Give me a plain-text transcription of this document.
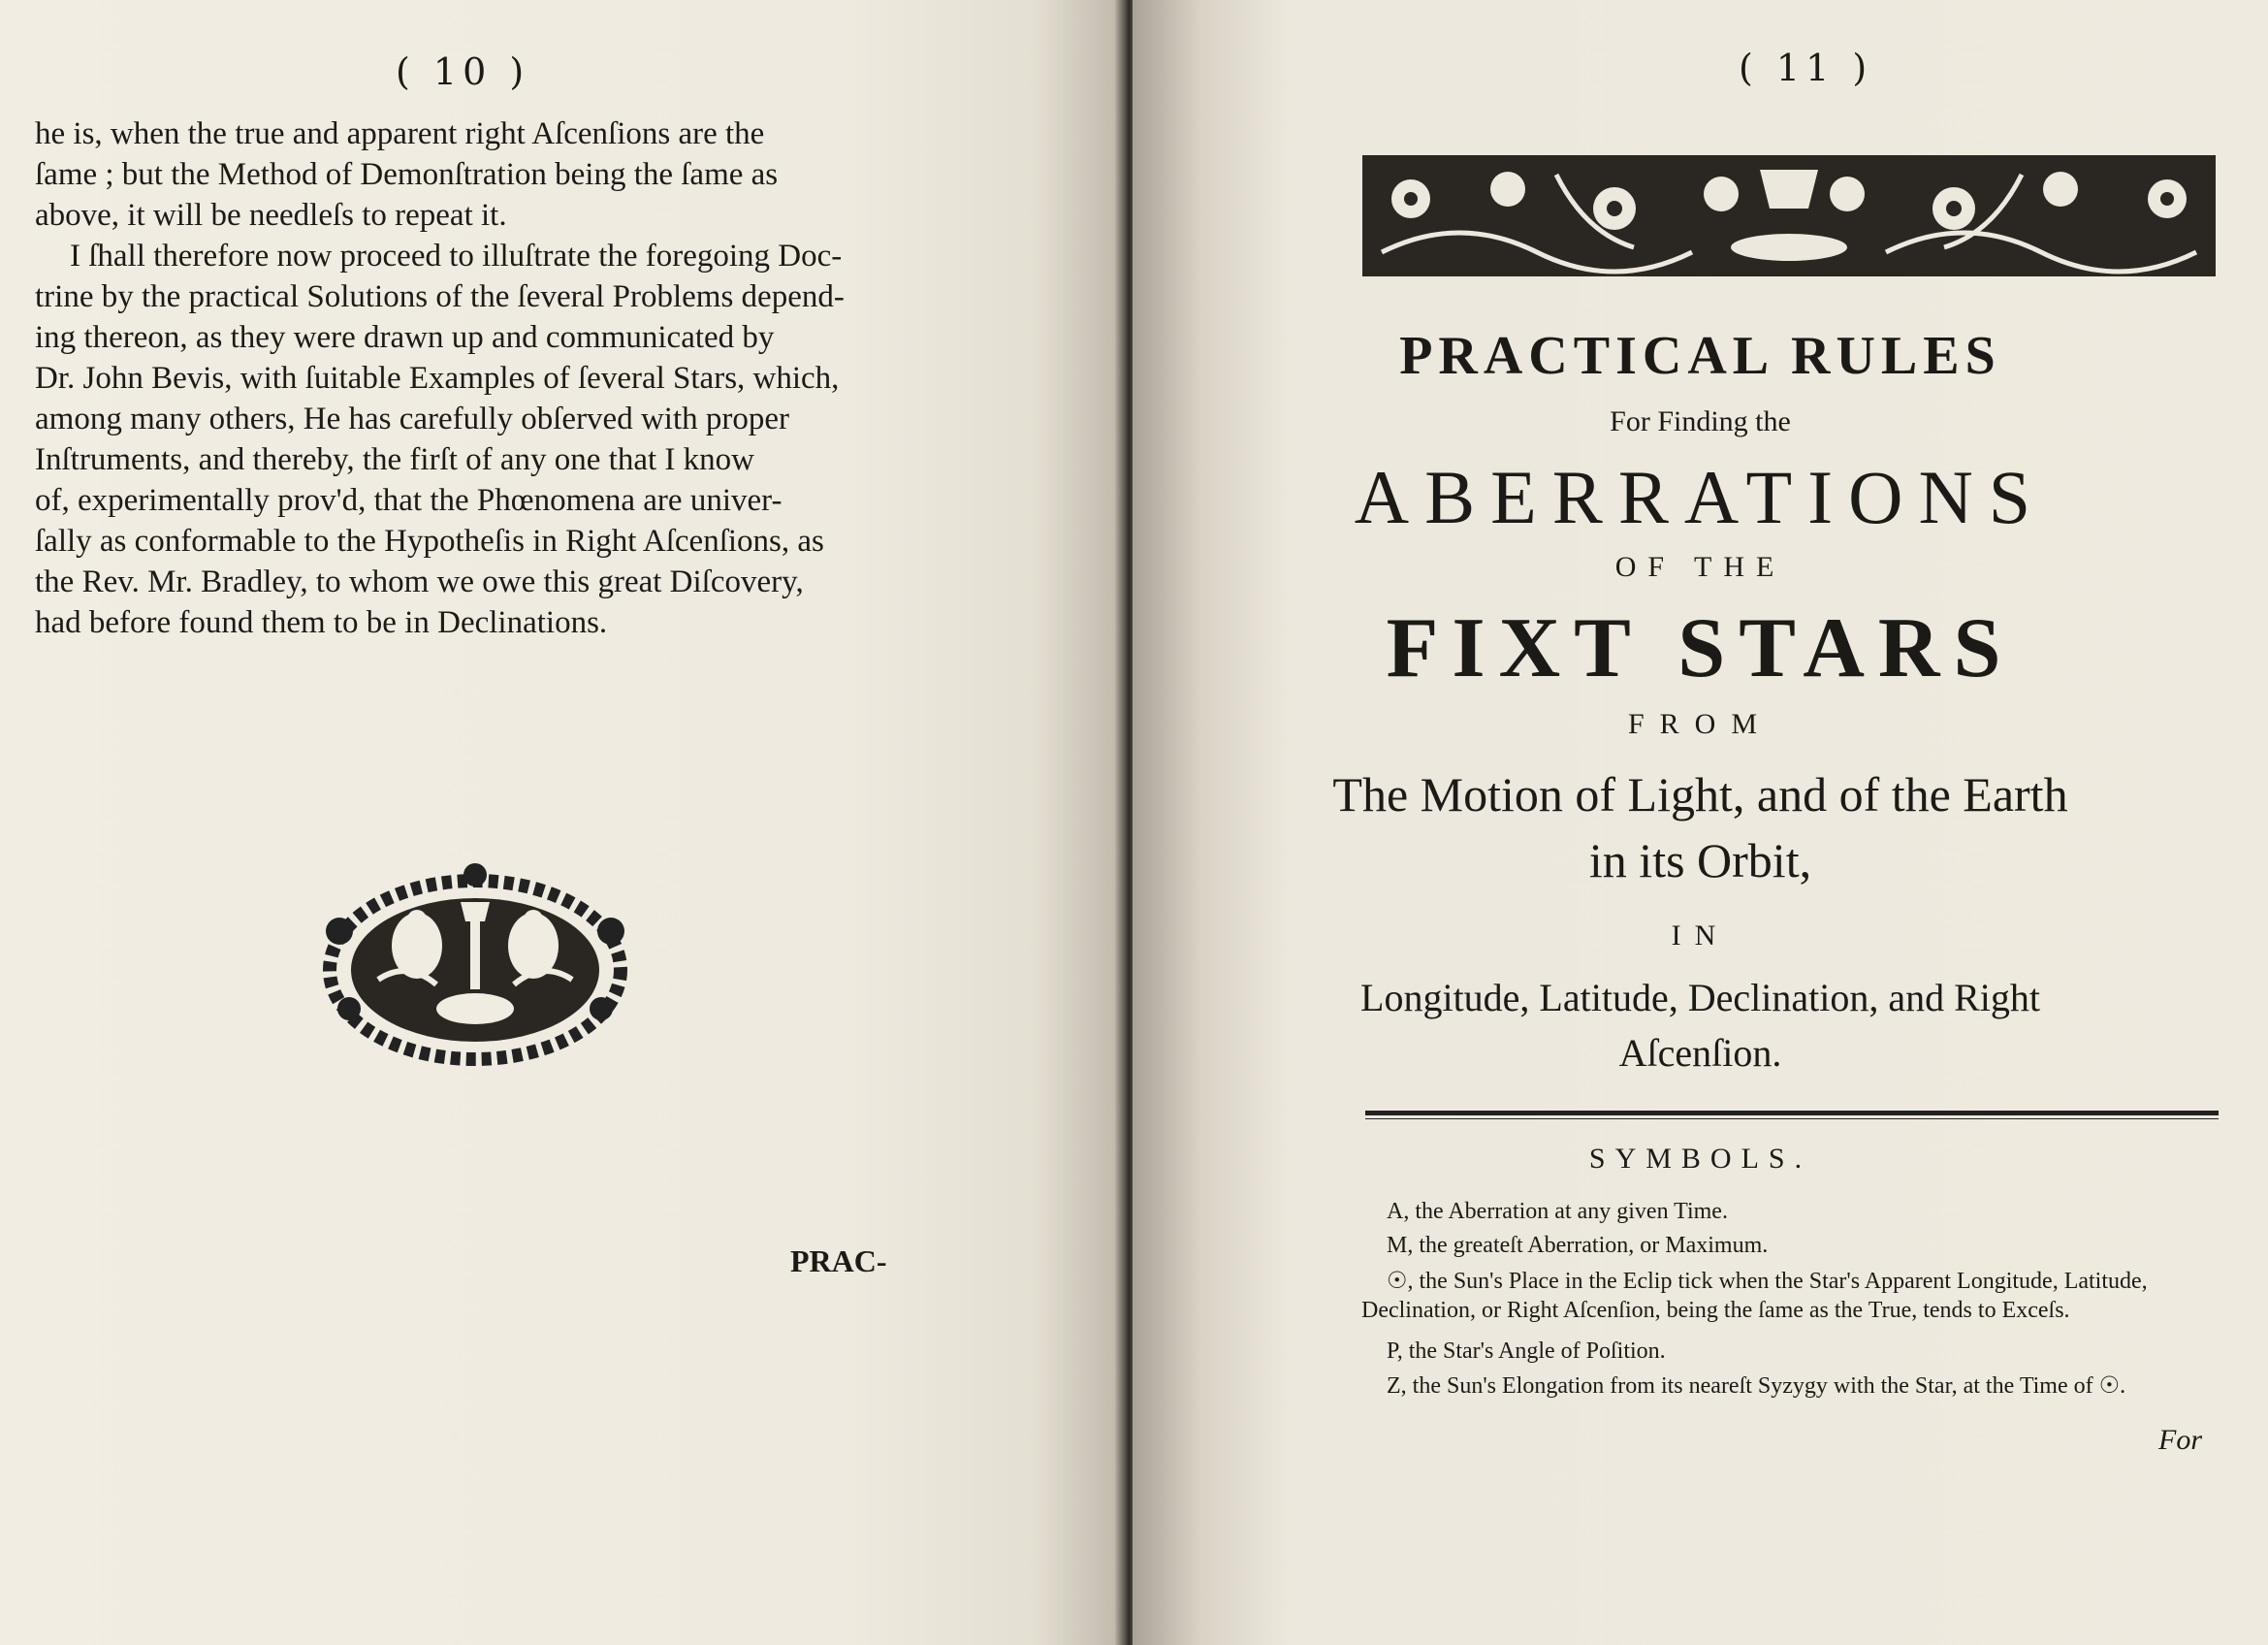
( 10 )
he is, when the true and apparent right Aſcenſions are the
ſame ; but the Method of Demonſtration being the ſame as
above, it will be needleſs to repeat it.
I ſhall therefore now proceed to illuſtrate the foregoing Doc-
trine by the practical Solutions of the ſeveral Problems depend-
ing thereon, as they were drawn up and communicated by
Dr. John Bevis, with ſuitable Examples of ſeveral Stars, which,
among many others, He has carefully obſerved with proper
Inſtruments, and thereby, the firſt of any one that I know
of, experimentally prov'd, that the Phœnomena are univer-
ſally as conformable to the Hypotheſis in Right Aſcenſions, as
the Rev. Mr. Bradley, to whom we owe this great Diſcovery,
had before found them to be in Declinations.
PRAC-
( 11 )
PRACTICAL RULES
For Finding the
ABERRATIONS
OF THE
FIXT STARS
FROM
The Motion of Light, and of the Earth
in its Orbit,
IN
Longitude, Latitude, Declination, and Right
Aſcenſion.
SYMBOLS.
A, the Aberration at any given Time.
M, the greateſt Aberration, or Maximum.
☉, the Sun's Place in the Eclip tick when the Star's Apparent Longitude, Latitude,
Declination, or Right Aſcenſion, being the ſame as the True, tends to Exceſs.
P, the Star's Angle of Poſition.
Z, the Sun's Elongation from its neareſt Syzygy with the Star, at the Time of ☉.
For
